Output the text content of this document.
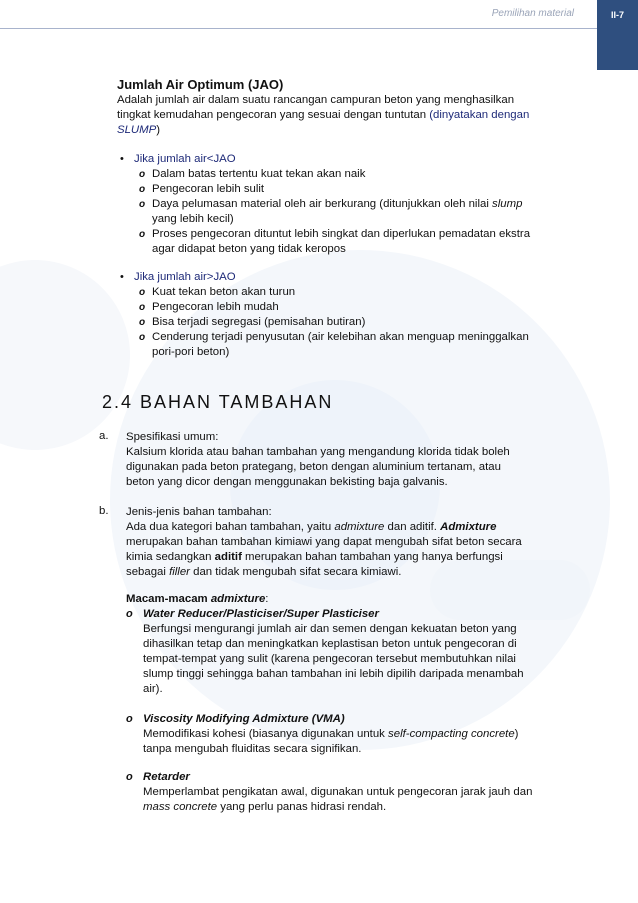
Pemilihan material	II-7
Jumlah Air Optimum (JAO)
Adalah jumlah air dalam suatu rancangan campuran beton yang menghasilkan
tingkat kemudahan pengecoran yang sesuai dengan tuntutan (dinyatakan dengan
SLUMP)
• Jika jumlah air<JAO
o Dalam batas tertentu kuat tekan akan naik
o Pengecoran lebih sulit
o Daya pelumasan material oleh air berkurang (ditunjukkan oleh nilai slump
yang lebih kecil)
o Proses pengecoran dituntut lebih singkat dan diperlukan pemadatan ekstra
agar didapat beton yang tidak keropos
• Jika jumlah air>JAO
o Kuat tekan beton akan turun
o Pengecoran lebih mudah
o Bisa terjadi segregasi (pemisahan butiran)
o Cenderung terjadi penyusutan (air kelebihan akan menguap meninggalkan
pori-pori beton)
2.4 BAHAN TAMBAHAN
a. Spesifikasi umum:
Kalsium klorida atau bahan tambahan yang mengandung klorida tidak boleh
digunakan pada beton prategang, beton dengan aluminium tertanam, atau
beton yang dicor dengan menggunakan bekisting baja galvanis.
b. Jenis-jenis bahan tambahan:
Ada dua kategori bahan tambahan, yaitu admixture dan aditif. Admixture
merupakan bahan tambahan kimiawi yang dapat mengubah sifat beton secara
kimia sedangkan aditif merupakan bahan tambahan yang hanya berfungsi
sebagai filler dan tidak mengubah sifat secara kimiawi.
Macam-macam admixture:
o Water Reducer/Plasticiser/Super Plasticiser
Berfungsi mengurangi jumlah air dan semen dengan kekuatan beton yang
dihasilkan tetap dan meningkatkan keplastisan beton untuk pengecoran di
tempat-tempat yang sulit (karena pengecoran tersebut membutuhkan nilai
slump tinggi sehingga bahan tambahan ini lebih dipilih daripada menambah
air).
o Viscosity Modifying Admixture (VMA)
Memodifikasi kohesi (biasanya digunakan untuk self-compacting concrete)
tanpa mengubah fluiditas secara signifikan.
o Retarder
Memperlambat pengikatan awal, digunakan untuk pengecoran jarak jauh dan
mass concrete yang perlu panas hidrasi rendah.
